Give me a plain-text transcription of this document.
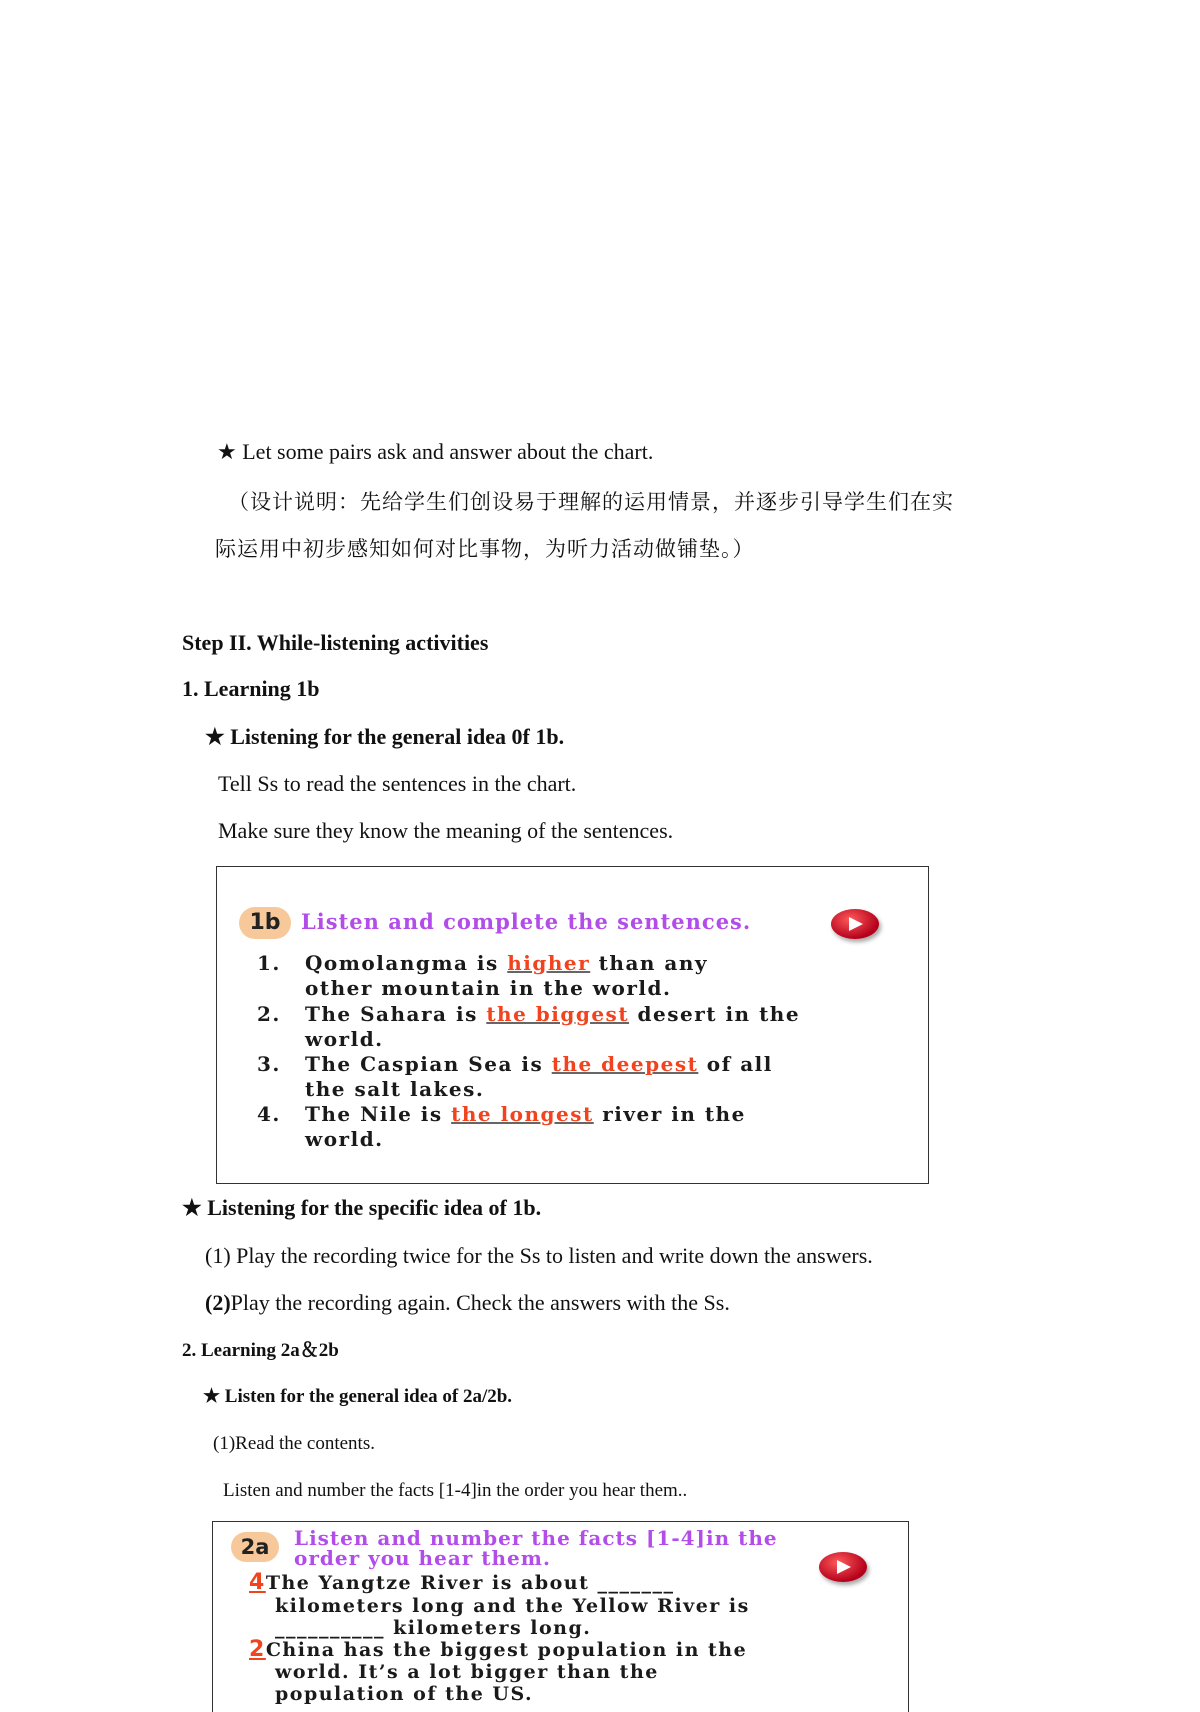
★ Let some pairs ask and answer about the chart.
（设计说明：先给学生们创设易于理解的运用情景，并逐步引导学生们在实
际运用中初步感知如何对比事物，为听力活动做铺垫。）
Step II. While-listening activities
1. Learning 1b
★ Listening for the general idea 0f 1b.
Tell Ss to read the sentences in the chart.
Make sure they know the meaning of the sentences.
1b Listen and complete the sentences.
1. Qomolangma is higher than any
other mountain in the world.
2. The Sahara is the biggest desert in the
world.
3. The Caspian Sea is the deepest of all
the salt lakes.
4. The Nile is the longest river in the
world.
★ Listening for the specific idea of 1b.
(1) Play the recording twice for the Ss to listen and write down the answers.
(2)Play the recording again. Check the answers with the Ss.
2. Learning 2a＆2b
★ Listen for the general idea of 2a/2b.
(1)Read the contents.
Listen and number the facts [1-4]in the order you hear them..
2a	Listen and number the facts [1-4]in the
order you hear them.
4The Yangtze River is about _______
kilometers long and the Yellow River is
__________ kilometers long.
2China has the biggest population in the
world. It’s a lot bigger than the
population of the US.
